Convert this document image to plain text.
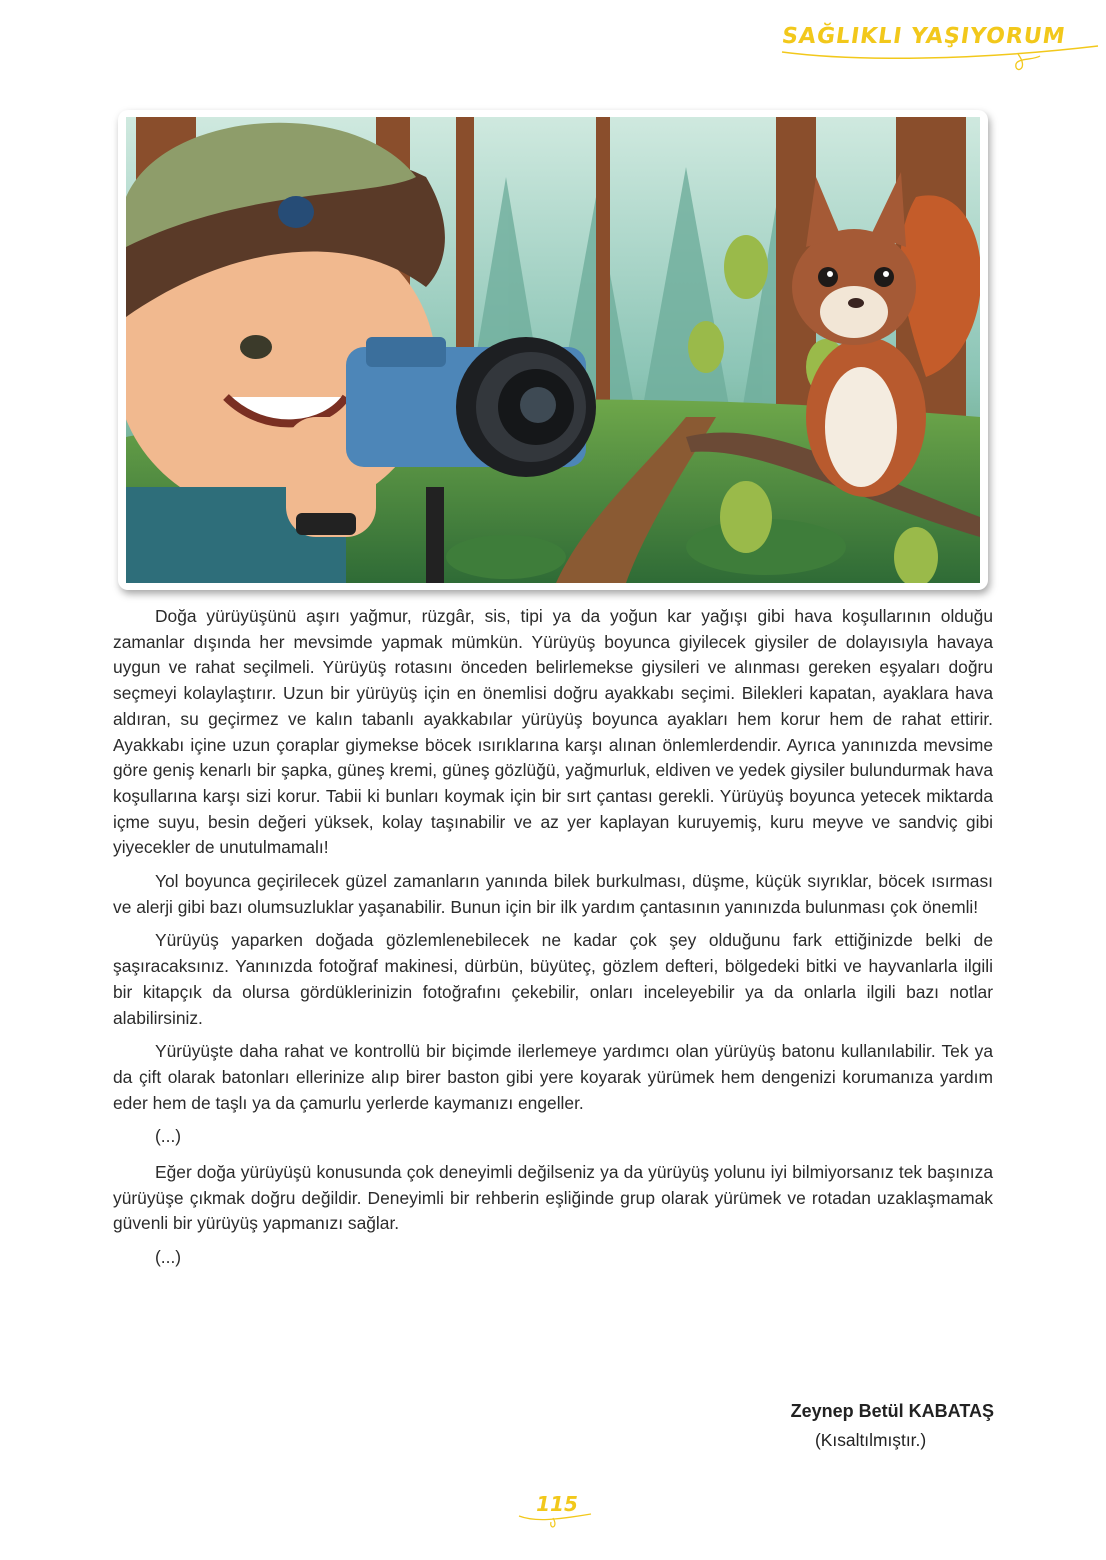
SAĞLIKLI YAŞIYORUM

Doğa yürüyüşünü aşırı yağmur, rüzgâr, sis, tipi ya da yoğun kar yağışı gibi hava koşullarının olduğu zamanlar dışında her mevsimde yapmak mümkün. Yürüyüş boyunca giyilecek giysiler de dolayısıyla havaya uygun ve rahat seçilmeli. Yürüyüş rotasını önceden belirlemekse giysileri ve alınması gereken eşyaları doğru seçmeyi kolaylaştırır. Uzun bir yürüyüş için en önemlisi doğru ayakkabı seçimi. Bilekleri kapatan, ayaklara hava aldıran, su geçirmez ve kalın tabanlı ayakkabılar yürüyüş boyunca ayakları hem korur hem de rahat ettirir. Ayakkabı içine uzun çoraplar giymekse böcek ısırıklarına karşı alınan önlemlerdendir. Ayrıca yanınızda mevsime göre geniş kenarlı bir şapka, güneş kremi, güneş gözlüğü, yağmurluk, eldiven ve yedek giysiler bulundurmak hava koşullarına karşı sizi korur. Tabii ki bunları koymak için bir sırt çantası gerekli. Yürüyüş boyunca yetecek miktarda içme suyu, besin değeri yüksek, kolay taşınabilir ve az yer kaplayan kuruyemiş, kuru meyve ve sandviç gibi yiyecekler de unutulmamalı!

Yol boyunca geçirilecek güzel zamanların yanında bilek burkulması, düşme, küçük sıyrıklar, böcek ısırması ve alerji gibi bazı olumsuzluklar yaşanabilir. Bunun için bir ilk yardım çantasının yanınızda bulunması çok önemli!

Yürüyüş yaparken doğada gözlemlenebilecek ne kadar çok şey olduğunu fark ettiğinizde belki de şaşıracaksınız. Yanınızda fotoğraf makinesi, dürbün, büyüteç, gözlem defteri, bölgedeki bitki ve hayvanlarla ilgili bir kitapçık da olursa gördüklerinizin fotoğrafını çekebilir, onları inceleyebilir ya da onlarla ilgili bazı notlar alabilirsiniz.

Yürüyüşte daha rahat ve kontrollü bir biçimde ilerlemeye yardımcı olan yürüyüş batonu kullanılabilir. Tek ya da çift olarak batonları ellerinize alıp birer baston gibi yere koyarak yürümek hem dengenizi korumanıza yardım eder hem de taşlı ya da çamurlu yerlerde kaymanızı engeller.

(...)

Eğer doğa yürüyüşü konusunda çok deneyimli değilseniz ya da yürüyüş yolunu iyi bilmiyorsanız tek başınıza yürüyüşe çıkmak doğru değildir. Deneyimli bir rehberin eşliğinde grup olarak yürümek ve rotadan uzaklaşmamak güvenli bir yürüyüş yapmanızı sağlar.

(...)

Zeynep Betül KABATAŞ
(Kısaltılmıştır.)
115
